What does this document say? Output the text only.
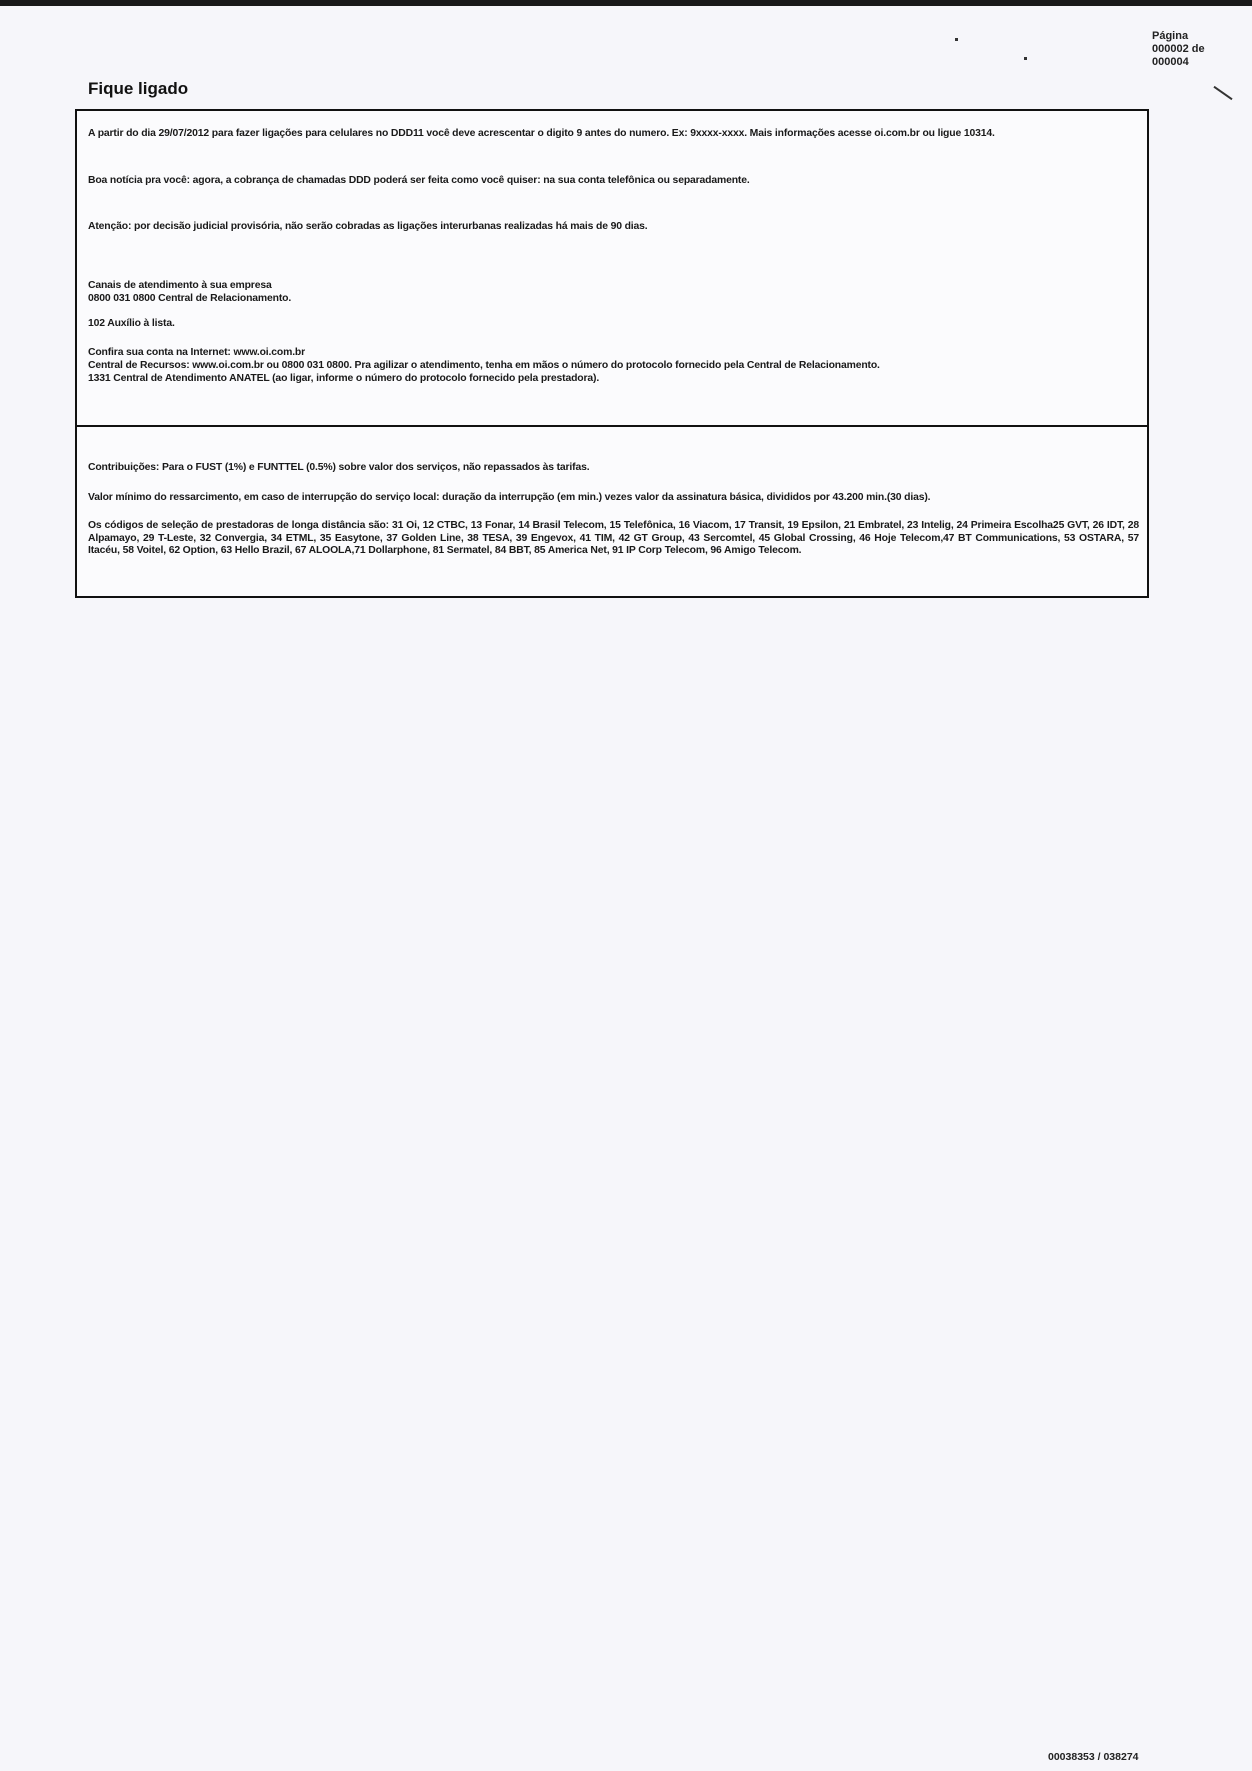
Página
000002 de
000004
Fique ligado
A partir do dia 29/07/2012 para fazer ligações para celulares no DDD11 você deve acrescentar o digito 9 antes do numero. Ex: 9xxxx-xxxx. Mais informações acesse oi.com.br ou ligue 10314.
Boa notícia pra você: agora, a cobrança de chamadas DDD poderá ser feita como você quiser: na sua conta telefônica ou separadamente.
Atenção: por decisão judicial provisória, não serão cobradas as ligações interurbanas realizadas há mais de 90 dias.
Canais de atendimento à sua empresa
0800 031 0800 Central de Relacionamento.
102 Auxílio à lista.
Confira sua conta na Internet: www.oi.com.br
Central de Recursos: www.oi.com.br ou 0800 031 0800. Pra agilizar o atendimento, tenha em mãos o número do protocolo fornecido pela Central de Relacionamento.
1331 Central de Atendimento ANATEL (ao ligar, informe o número do protocolo fornecido pela prestadora).
Contribuições: Para o FUST (1%) e FUNTTEL (0.5%) sobre valor dos serviços, não repassados às tarifas.
Valor mínimo do ressarcimento, em caso de interrupção do serviço local: duração da interrupção (em min.) vezes valor da assinatura básica, divididos por 43.200 min.(30 dias).
Os códigos de seleção de prestadoras de longa distância são: 31 Oi, 12 CTBC, 13 Fonar, 14 Brasil Telecom, 15 Telefônica, 16 Viacom, 17 Transit, 19 Epsilon, 21 Embratel, 23 Intelig, 24 Primeira Escolha25 GVT, 26 IDT, 28 Alpamayo, 29 T-Leste, 32 Convergia, 34 ETML, 35 Easytone, 37 Golden Line, 38 TESA, 39 Engevox, 41 TIM, 42 GT Group, 43 Sercomtel, 45 Global Crossing, 46 Hoje Telecom,47 BT Communications, 53 OSTARA, 57 Itacéu, 58 Voitel, 62 Option, 63 Hello Brazil, 67 ALOOLA,71 Dollarphone, 81 Sermatel, 84 BBT, 85 America Net, 91 IP Corp Telecom, 96 Amigo Telecom.
00038353 / 038274
